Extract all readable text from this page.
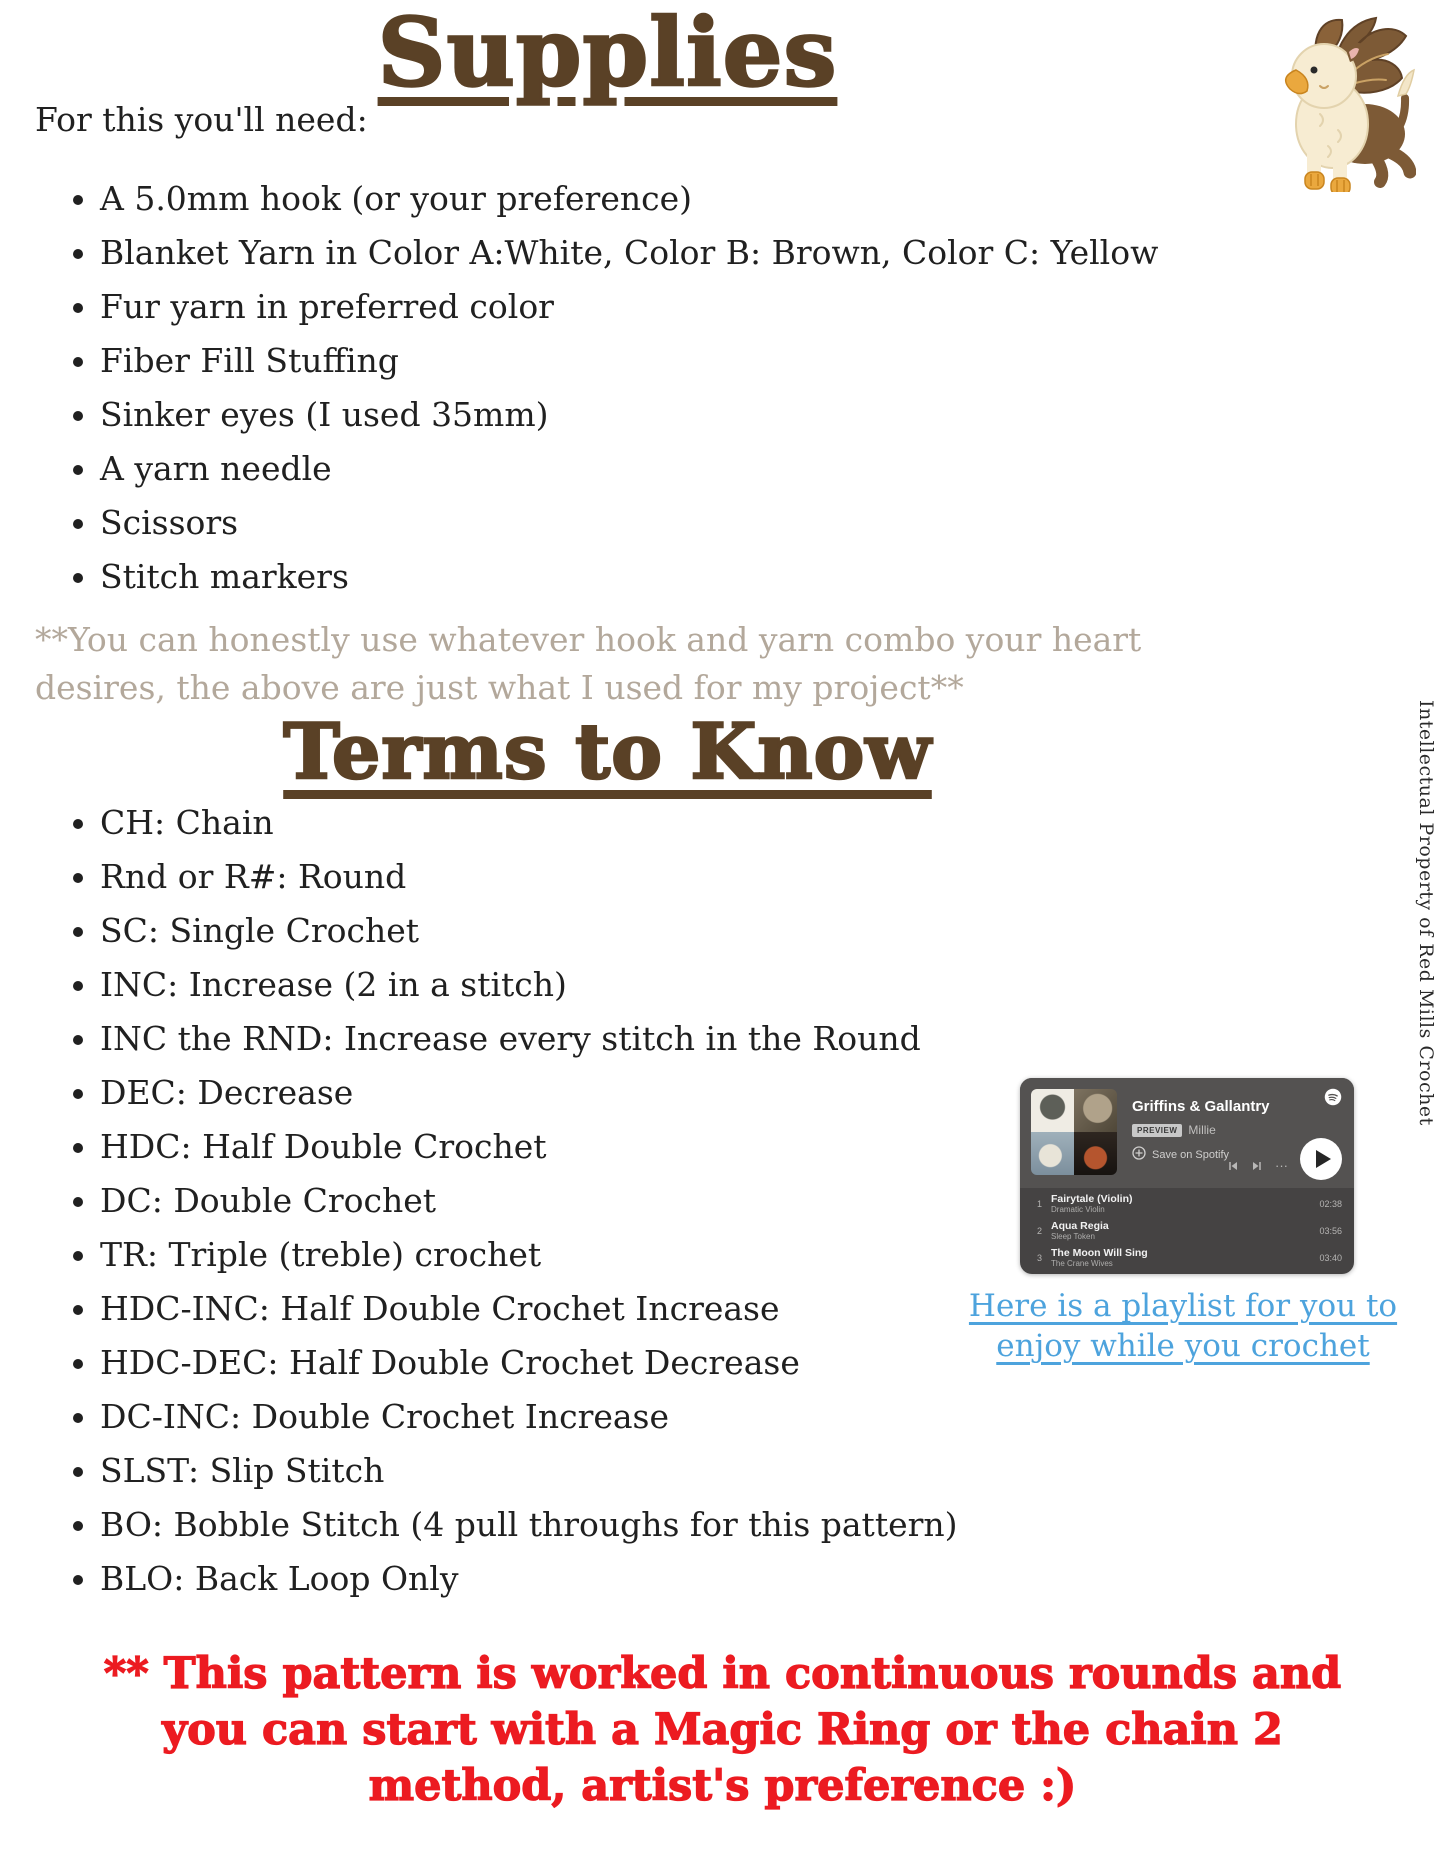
Supplies

For this you'll need:

• A 5.0mm hook (or your preference)
• Blanket Yarn in Color A:White, Color B: Brown, Color C: Yellow
• Fur yarn in preferred color
• Fiber Fill Stuffing
• Sinker eyes (I used 35mm)
• A yarn needle
• Scissors
• Stitch markers

**You can honestly use whatever hook and yarn combo your heart desires, the above are just what I used for my project**

Terms to Know
• CH: Chain
• Rnd or R#: Round
• SC: Single Crochet
• INC: Increase (2 in a stitch)
• INC the RND: Increase every stitch in the Round
• DEC: Decrease
• HDC: Half Double Crochet
• DC: Double Crochet
• TR: Triple (treble) crochet
• HDC-INC: Half Double Crochet Increase
• HDC-DEC: Half Double Crochet Decrease
• DC-INC: Double Crochet Increase
• SLST: Slip Stitch
• BO: Bobble Stitch (4 pull throughs for this pattern)
• BLO: Back Loop Only
Griffins & Gallantry
PREVIEW Millie
Save on Spotify
···
1 Fairytale (Violin)
Dramatic Violin
02:38
2 Aqua Regia
Sleep Token
03:56
3 The Moon Will Sing
The Crane Wives
03:40
Here is a playlist for you to enjoy while you crochet
Intellectual Property of Red Mills Crochet

** This pattern is worked in continuous rounds and you can start with a Magic Ring or the chain 2 method, artist's preference :)
